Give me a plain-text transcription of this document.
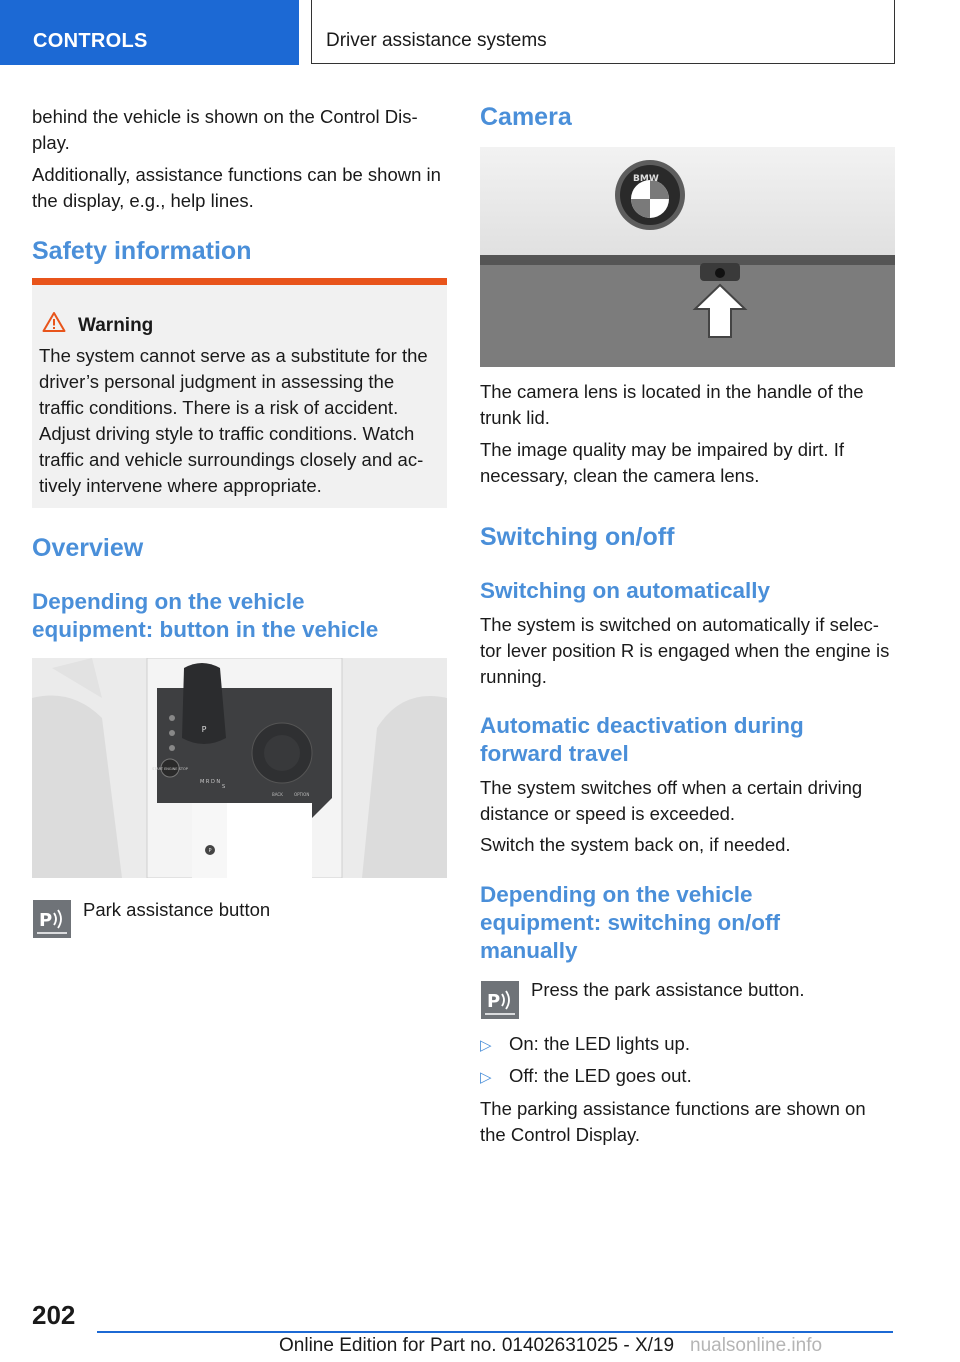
CONTROLS	Driver assistance systems

behind the vehicle is shown on the Control Dis-
play.

Additionally, assistance functions can be shown in the display, e.g., help lines.

Safety information
Warning
The system cannot serve as a substitute for the driver’s personal judgment in assessing the traffic conditions. There is a risk of accident. Adjust driving style to traffic conditions. Watch traffic and vehicle surroundings closely and ac-tively intervene where appropriate.
Overview
Depending on the vehicle equipment: button in the vehicle
P
START ENGINE STOP
BACK	OPTION
M R D N
S
P
P
Park assistance button
Camera
BMW

The camera lens is located in the handle of the trunk lid.

The image quality may be impaired by dirt. If necessary, clean the camera lens.

Switching on/off
Switching on automatically

The system is switched on automatically if selec-tor lever position R is engaged when the engine is running.

Automatic deactivation during forward travel

The system switches off when a certain driving distance or speed is exceeded.

Switch the system back on, if needed.

Depending on the vehicle equipment: switching on/off manually
P
Press the park assistance button.
▷ On: the LED lights up.
▷ Off: the LED goes out.

The parking assistance functions are shown on the Control Display.

202
Online Edition for Part no. 01402631025 - X/19 nualsonline.info
